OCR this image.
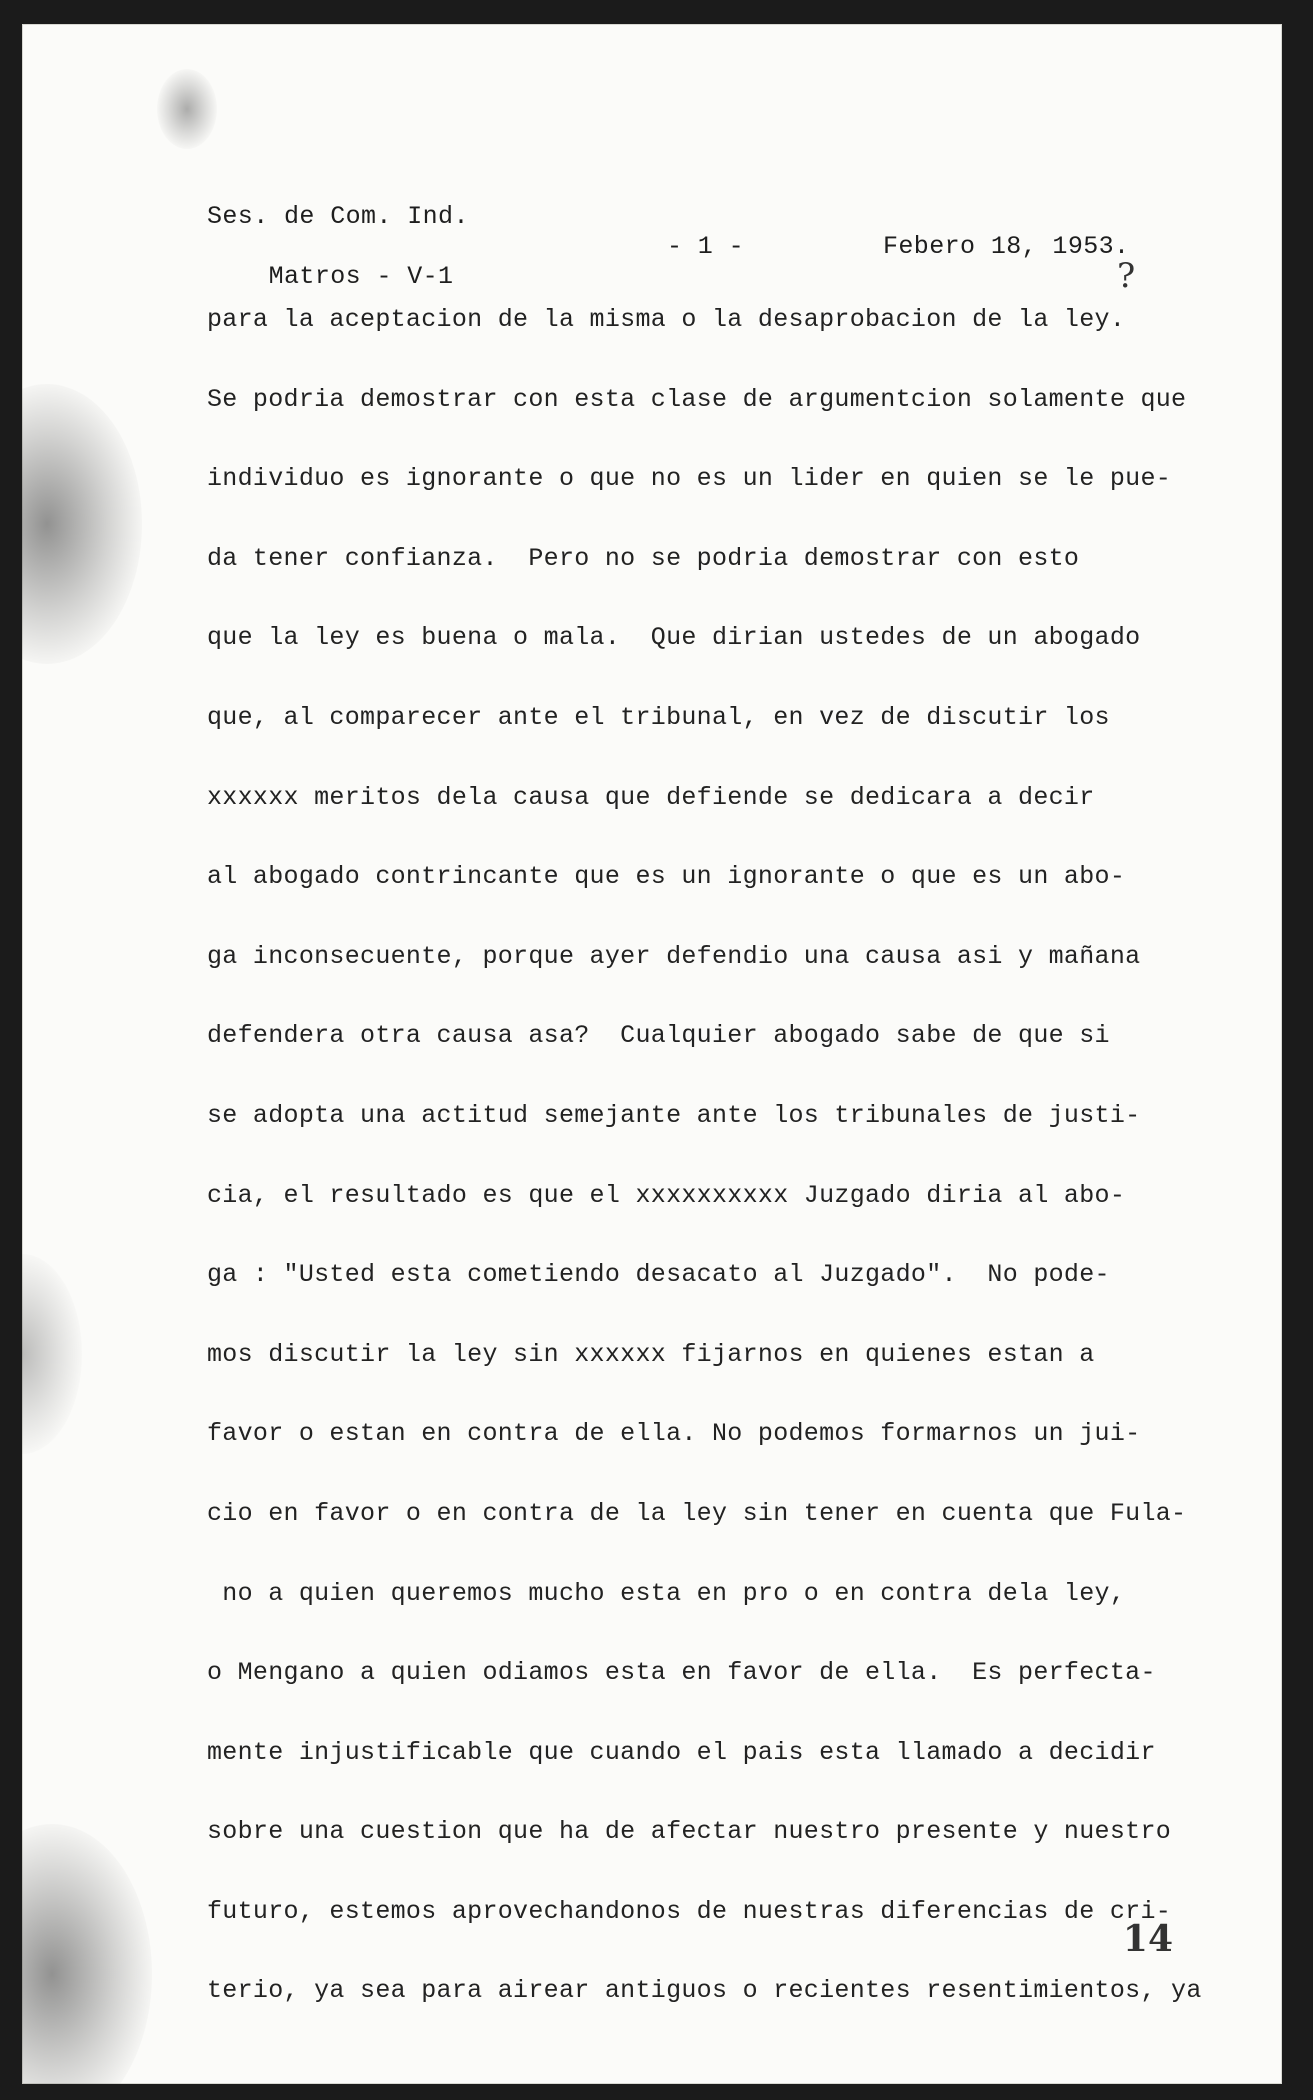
Ses. de Com. Ind.

Matros - V-1

- 1 -

	Febero 18, 1953.

?
para la aceptacion de la misma o la desaprobacion de la ley.
Se podria demostrar con esta clase de argumentcion solamente que
individuo es ignorante o que no es un lider en quien se le pue-
da tener confianza.  Pero no se podria demostrar con esto
que la ley es buena o mala.  Que dirian ustedes de un abogado
que, al comparecer ante el tribunal, en vez de discutir los
xxxxxx meritos dela causa que defiende se dedicara a decir
al abogado contrincante que es un ignorante o que es un abo-
ga inconsecuente, porque ayer defendio una causa asi y mañana
defendera otra causa asa?  Cualquier abogado sabe de que si
se adopta una actitud semejante ante los tribunales de justi-
cia, el resultado es que el xxxxxxxxxx Juzgado diria al abo-
ga : "Usted esta cometiendo desacato al Juzgado".  No pode-
mos discutir la ley sin xxxxxx fijarnos en quienes estan a
favor o estan en contra de ella. No podemos formarnos un jui-
cio en favor o en contra de la ley sin tener en cuenta que Fula-
no a quien queremos mucho esta en pro o en contra dela ley,
o Mengano a quien odiamos esta en favor de ella.  Es perfecta-
mente injustificable que cuando el pais esta llamado a decidir
sobre una cuestion que ha de afectar nuestro presente y nuestro
futuro, estemos aprovechandonos de nuestras diferencias de cri-
terio, ya sea para airear antiguos o recientes resentimientos, ya
14
